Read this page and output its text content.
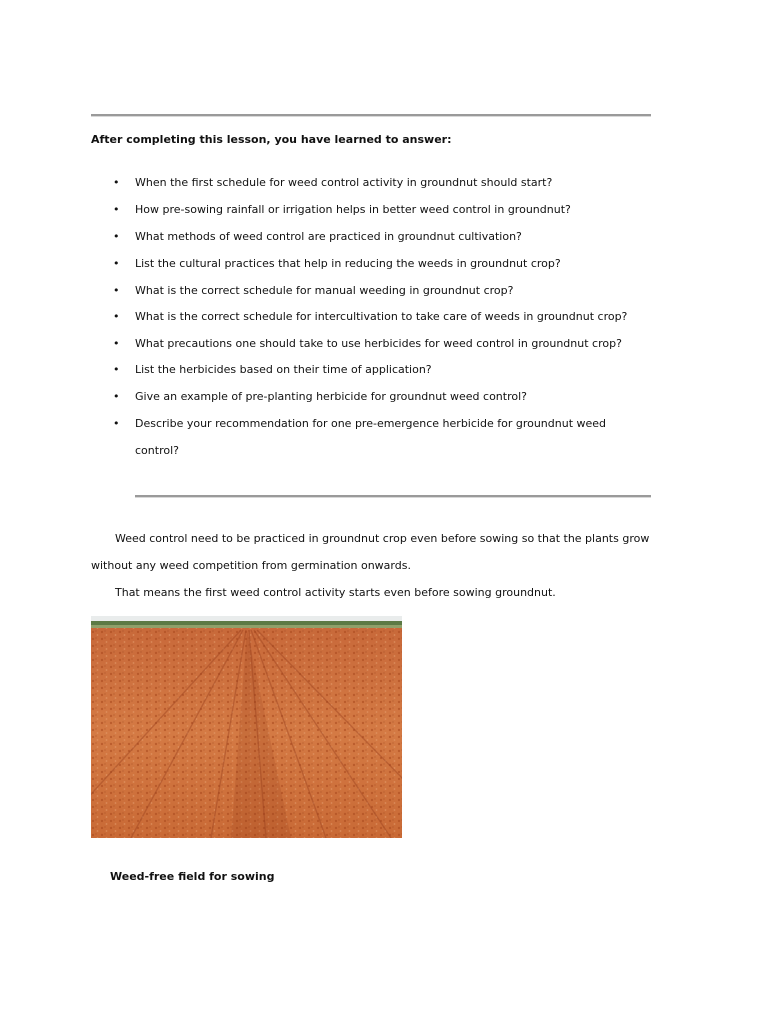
After completing this lesson, you have learned to answer:
• When the first schedule for weed control activity in groundnut should start?
• How pre-sowing rainfall or irrigation helps in better weed control in groundnut?
• What methods of weed control are practiced in groundnut cultivation?
• List the cultural practices that help in reducing the weeds in groundnut crop?
• What is the correct schedule for manual weeding in groundnut crop?
• What is the correct schedule for intercultivation to take care of weeds in groundnut crop?
• What precautions one should take to use herbicides for weed control in groundnut crop?
• List the herbicides based on their time of application?
• Give an example of pre-planting herbicide for groundnut weed control?
• Describe your recommendation for one pre-emergence herbicide for groundnut weed control?

Weed control need to be practiced in groundnut crop even before sowing so that the plants grow without any weed competition from germination onwards.

That means the first weed control activity starts even before sowing groundnut.

Weed-free field for sowing
